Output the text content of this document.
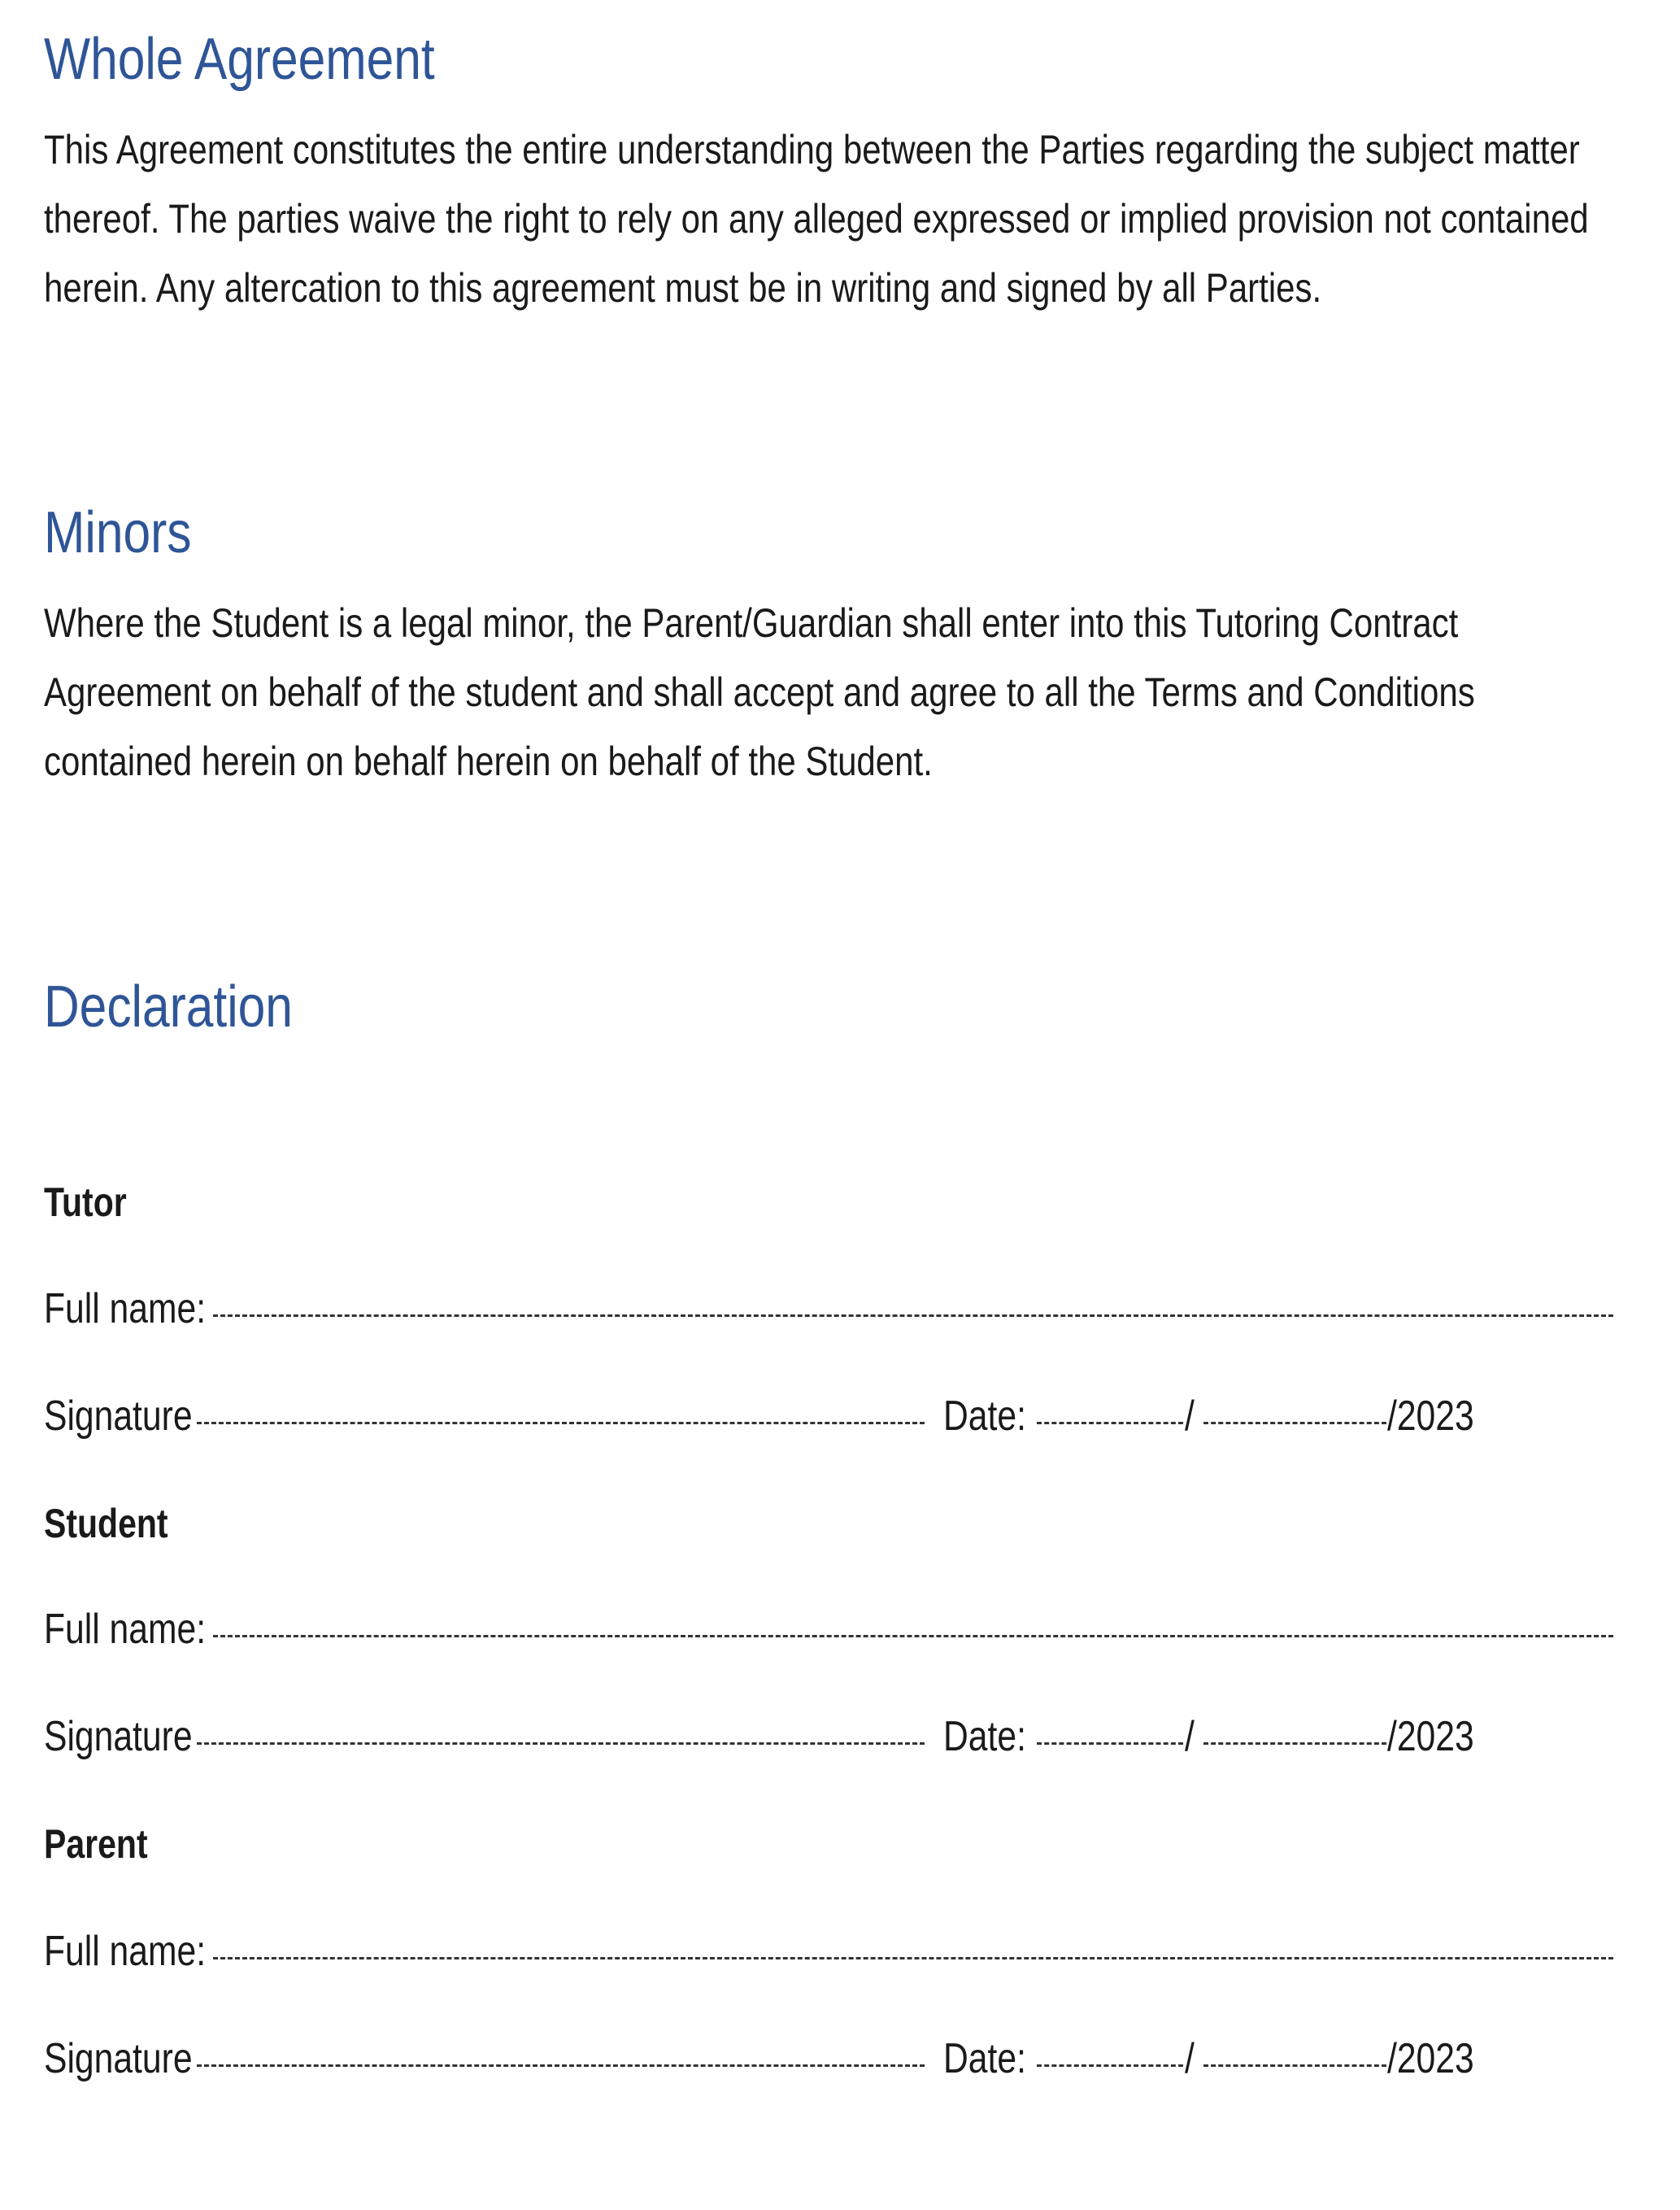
Whole Agreement

This Agreement constitutes the entire understanding between the Parties regarding the subject matter
thereof. The parties waive the right to rely on any alleged expressed or implied provision not contained
herein. Any altercation to this agreement must be in writing and signed by all Parties.

Minors

Where the Student is a legal minor, the Parent/Guardian shall enter into this Tutoring Contract
Agreement on behalf of the student and shall accept and agree to all the Terms and Conditions
contained herein on behalf herein on behalf of the Student.

Declaration
Tutor
Full name:
Signature	Date:	/	/2023
Student
Full name:
Signature	Date:	/	/2023
Parent
Full name:
Signature	Date:	/	/2023
